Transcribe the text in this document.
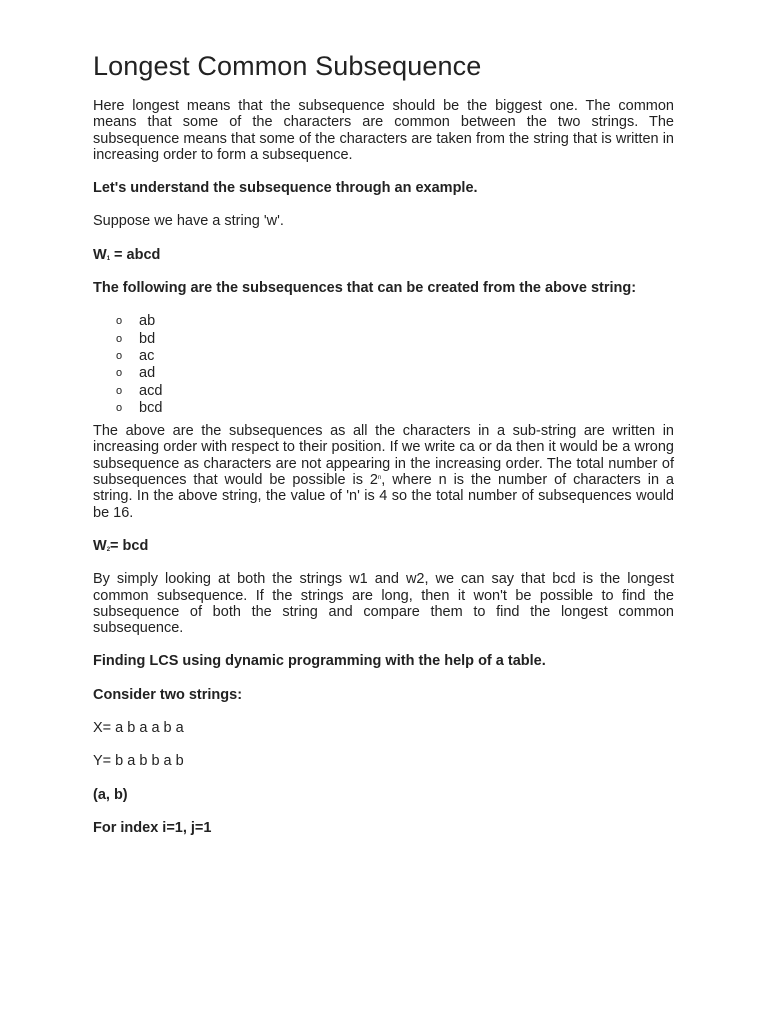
Longest Common Subsequence

Here longest means that the subsequence should be the biggest one. The common means that some of the characters are common between the two strings. The subsequence means that some of the characters are taken from the string that is written in increasing order to form a subsequence.

Let's understand the subsequence through an example.

Suppose we have a string 'w'.

$W_1$ = abcd

The following are the subsequences that can be created from the above string:

o ab
o bd
o ac
o ad
o acd
o bcd

The above are the subsequences as all the characters in a sub-string are written in increasing order with respect to their position. If we write ca or da then it would be a wrong subsequence as characters are not appearing in the increasing order. The total number of subsequences that would be possible is 2$^n$, where n is the number of characters in a string. In the above string, the value of 'n' is 4 so the total number of subsequences would be 16.

$W_2=$ bcd

By simply looking at both the strings w1 and w2, we can say that bcd is the longest common subsequence. If the strings are long, then it won't be possible to find the subsequence of both the string and compare them to find the longest common subsequence.

Finding LCS using dynamic programming with the help of a table.

Consider two strings:

X= a b a a b a

Y= b a b b a b

(a, b)

For index i=1, j=1
